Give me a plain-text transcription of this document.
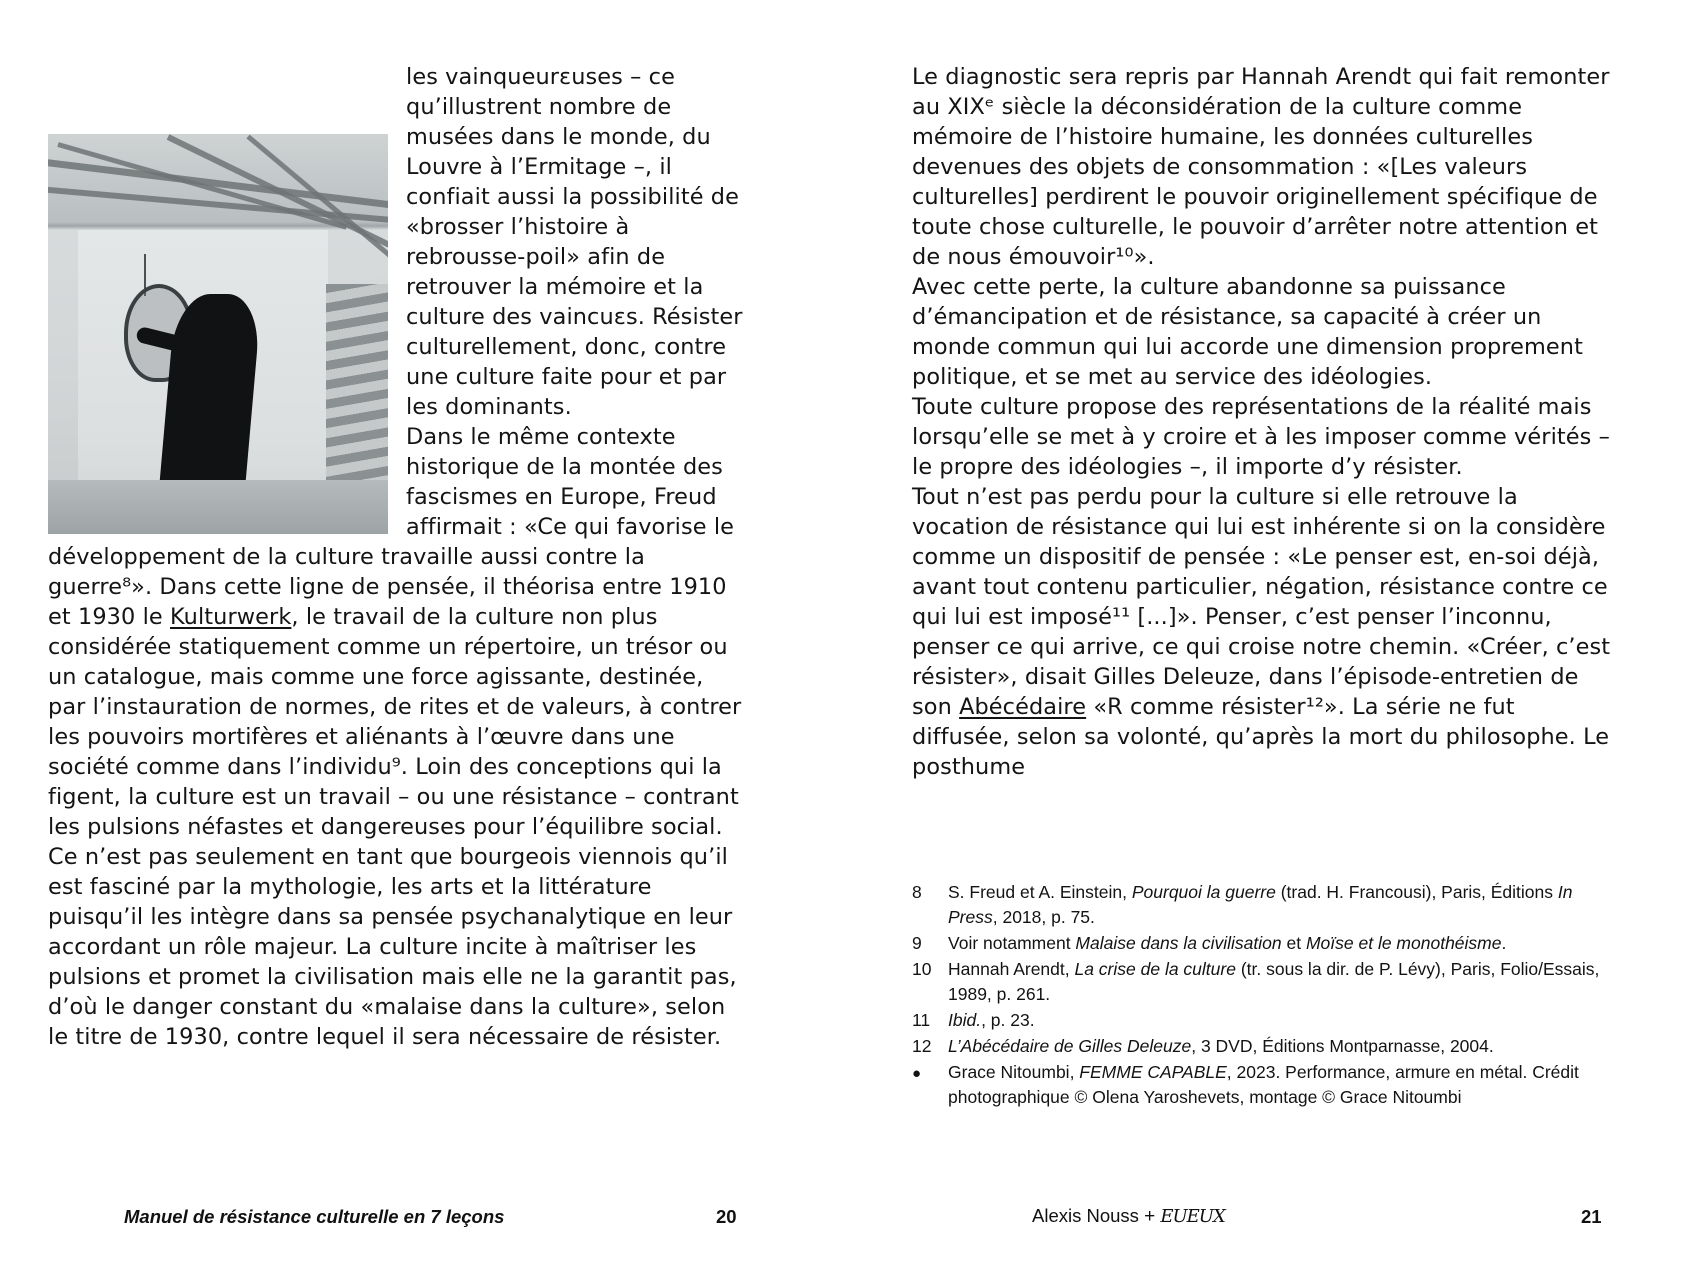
les vainqueurɛuses – ce qu’illustrent nombre de musées dans le monde, du Louvre à l’Ermitage –, il confiait aussi la possibilité de «brosser l’histoire à rebrousse-poil» afin de retrouver la mémoire et la culture des vaincuɛs. Résister culturellement, donc, contre une culture faite pour et par les dominants.
Dans le même contexte historique de la montée des fascismes en Europe, Freud affirmait : «Ce qui favorise le développement de la culture travaille aussi contre la guerre⁸». Dans cette ligne de pensée, il théorisa entre 1910 et 1930 le Kulturwerk, le travail de la culture non plus considérée statiquement comme un répertoire, un trésor ou un catalogue, mais comme une force agissante, destinée, par l’instauration de normes, de rites et de valeurs, à contrer les pouvoirs mortifères et aliénants à l’œuvre dans une société comme dans l’individu⁹. Loin des conceptions qui la figent, la culture est un travail – ou une résistance – contrant les pulsions néfastes et dangereuses pour l’équilibre social. Ce n’est pas seulement en tant que bourgeois viennois qu’il est fasciné par la mythologie, les arts et la littérature puisqu’il les intègre dans sa pensée psychanalytique en leur accordant un rôle majeur. La culture incite à maîtriser les pulsions et promet la civilisation mais elle ne la garantit pas, d’où le danger constant du «malaise dans la culture», selon le titre de 1930, contre lequel il sera nécessaire de résister.

Le diagnostic sera repris par Hannah Arendt qui fait remonter au XIXᵉ siècle la déconsidération de la culture comme mémoire de l’histoire humaine, les données culturelles devenues des objets de consommation : «[Les valeurs culturelles] perdirent le pouvoir originellement spécifique de toute chose culturelle, le pouvoir d’arrêter notre attention et de nous émouvoir¹⁰».

Avec cette perte, la culture abandonne sa puissance d’émancipation et de résistance, sa capacité à créer un monde commun qui lui accorde une dimension proprement politique, et se met au service des idéologies.

Toute culture propose des représentations de la réalité mais lorsqu’elle se met à y croire et à les imposer comme vérités – le propre des idéologies –, il importe d’y résister.

Tout n’est pas perdu pour la culture si elle retrouve la vocation de résistance qui lui est inhérente si on la considère comme un dispositif de pensée : «Le penser est, en-soi déjà, avant tout contenu particulier, négation, résistance contre ce qui lui est imposé¹¹ [...]». Penser, c’est penser l’inconnu, penser ce qui arrive, ce qui croise notre chemin. «Créer, c’est résister», disait Gilles Deleuze, dans l’épisode-entretien de son Abécédaire «R comme résister¹²». La série ne fut diffusée, selon sa volonté, qu’après la mort du philosophe. Le posthume

8	S. Freud et A. Einstein, Pourquoi la guerre (trad. H. Francousi), Paris, Éditions In Press, 2018, p. 75.
9	Voir notamment Malaise dans la civilisation et Moïse et le monothéisme.
10 Hannah Arendt, La crise de la culture (tr. sous la dir. de P. Lévy), Paris, Folio/Essais, 1989, p. 261.
11	Ibid., p. 23.
12 L’Abécédaire de Gilles Deleuze, 3 DVD, Éditions Montparnasse, 2004.
●	Grace Nitoumbi, FEMME CAPABLE, 2023. Performance, armure en métal. Crédit photographique © Olena Yaroshevets, montage © Grace Nitoumbi
Manuel de résistance culturelle en 7 leçons	20	Alexis Nouss + EUEUX	21
